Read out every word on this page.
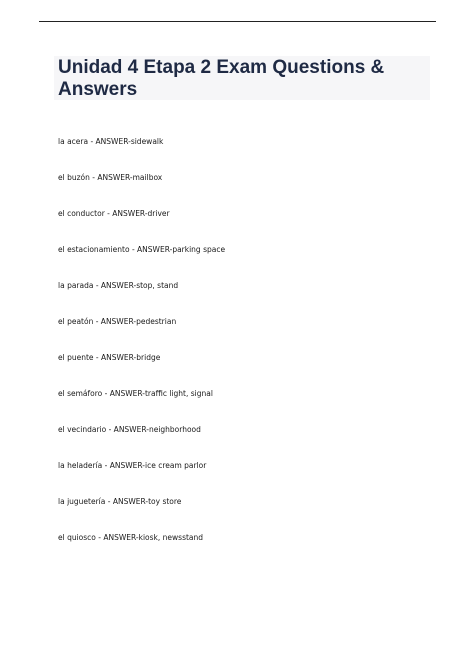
Unidad 4 Etapa 2 Exam Questions & Answers
la acera - ANSWER-sidewalk
el buzón - ANSWER-mailbox
el conductor - ANSWER-driver
el estacionamiento - ANSWER-parking space
la parada - ANSWER-stop, stand
el peatón - ANSWER-pedestrian
el puente - ANSWER-bridge
el semáforo - ANSWER-traffic light, signal
el vecindario - ANSWER-neighborhood
la heladería - ANSWER-ice cream parlor
la juguetería - ANSWER-toy store
el quiosco - ANSWER-kiosk, newsstand
